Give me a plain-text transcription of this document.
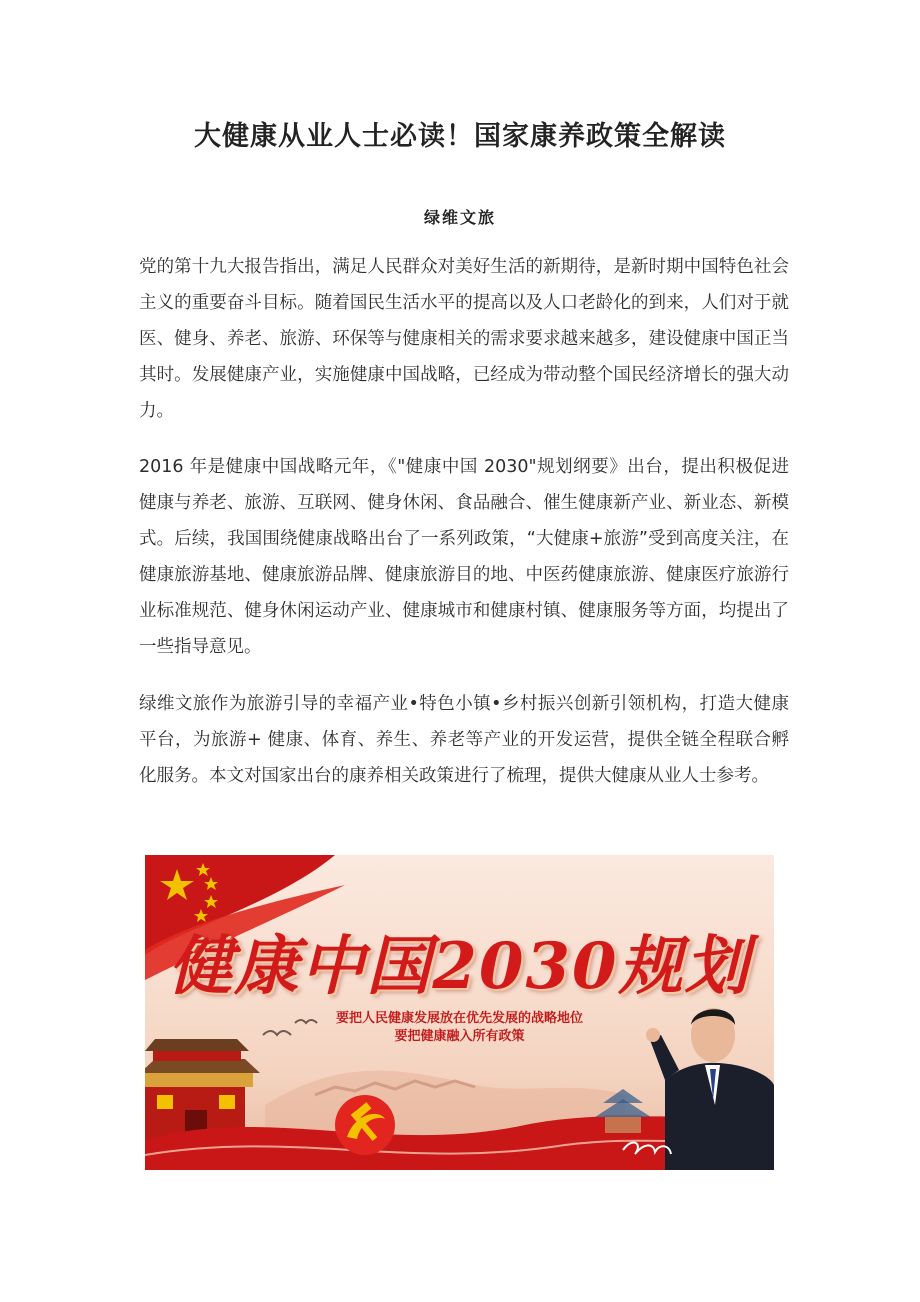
大健康从业人士必读！国家康养政策全解读
绿维文旅

党的第十九大报告指出，满足人民群众对美好生活的新期待，是新时期中国特色社会主义的重要奋斗目标。随着国民生活水平的提高以及人口老龄化的到来，人们对于就医、健身、养老、旅游、环保等与健康相关的需求要求越来越多，建设健康中国正当其时。发展健康产业，实施健康中国战略，已经成为带动整个国民经济增长的强大动力。

2016 年是健康中国战略元年，《"健康中国 2030"规划纲要》出台，提出积极促进健康与养老、旅游、互联网、健身休闲、食品融合、催生健康新产业、新业态、新模式。后续，我国围绕健康战略出台了一系列政策，“大健康+旅游”受到高度关注，在健康旅游基地、健康旅游品牌、健康旅游目的地、中医药健康旅游、健康医疗旅游行业标准规范、健身休闲运动产业、健康城市和健康村镇、健康服务等方面，均提出了一些指导意见。

绿维文旅作为旅游引导的幸福产业•特色小镇•乡村振兴创新引领机构，打造大健康平台，为旅游+ 健康、体育、养生、养老等产业的开发运营，提供全链全程联合孵化服务。本文对国家出台的康养相关政策进行了梳理，提供大健康从业人士参考。

健康中国2030规划
要把人民健康发展放在优先发展的战略地位
要把健康融入所有政策
